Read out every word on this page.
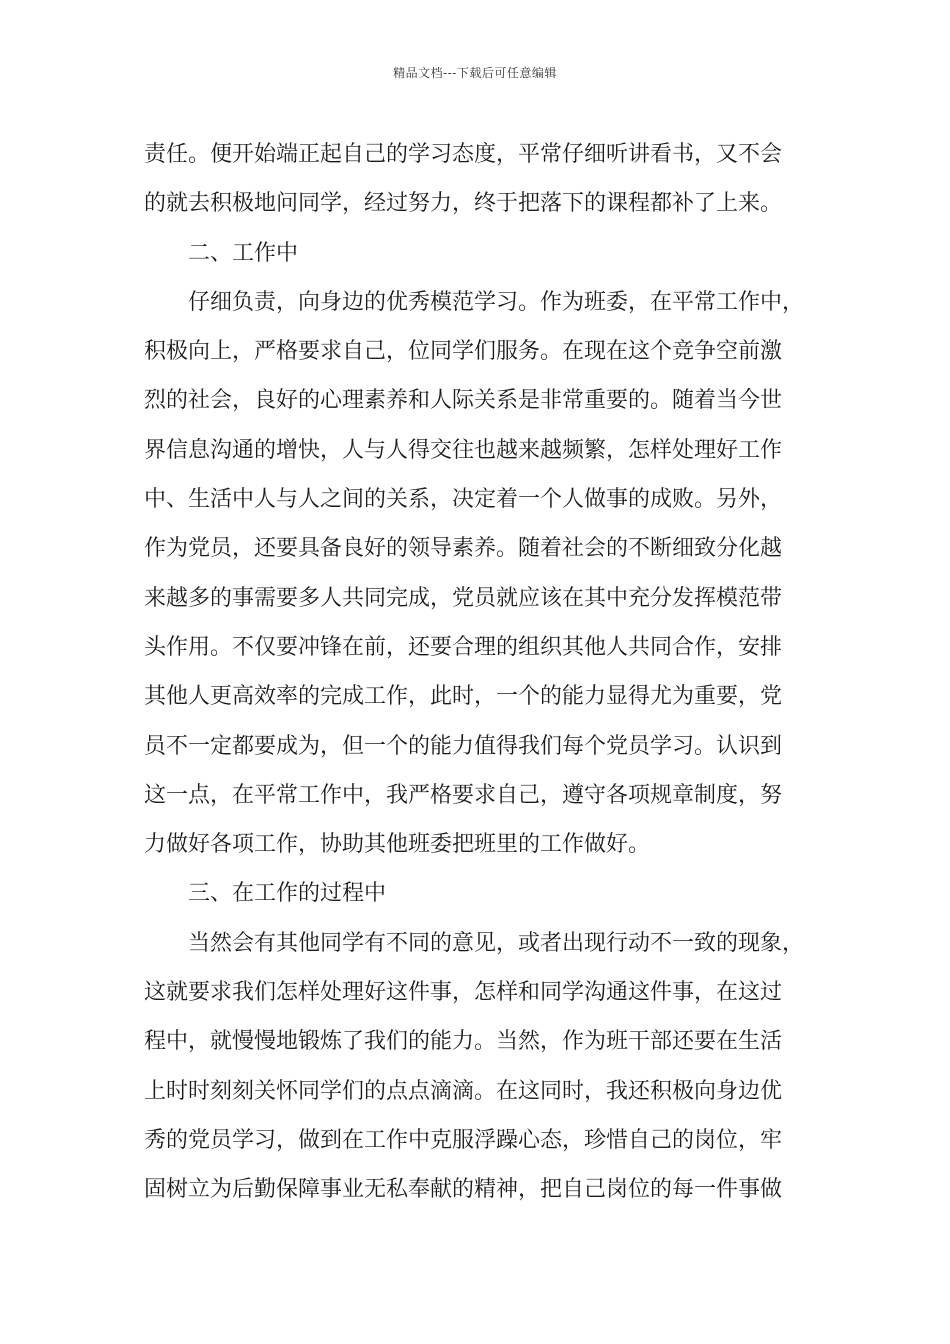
精品文档---下载后可任意编辑
责任。便开始端正起自己的学习态度，平常仔细听讲看书，又不会
的就去积极地问同学，经过努力，终于把落下的课程都补了上来。
二、工作中
仔细负责，向身边的优秀模范学习。作为班委，在平常工作中，
积极向上，严格要求自己，位同学们服务。在现在这个竞争空前激
烈的社会，良好的心理素养和人际关系是非常重要的。随着当今世
界信息沟通的增快，人与人得交往也越来越频繁，怎样处理好工作
中、生活中人与人之间的关系，决定着一个人做事的成败。另外，
作为党员，还要具备良好的领导素养。随着社会的不断细致分化越
来越多的事需要多人共同完成，党员就应该在其中充分发挥模范带
头作用。不仅要冲锋在前，还要合理的组织其他人共同合作，安排
其他人更高效率的完成工作，此时，一个的能力显得尤为重要，党
员不一定都要成为，但一个的能力值得我们每个党员学习。认识到
这一点，在平常工作中，我严格要求自己，遵守各项规章制度，努
力做好各项工作，协助其他班委把班里的工作做好。
三、在工作的过程中
当然会有其他同学有不同的意见，或者出现行动不一致的现象，
这就要求我们怎样处理好这件事，怎样和同学沟通这件事，在这过
程中，就慢慢地锻炼了我们的能力。当然，作为班干部还要在生活
上时时刻刻关怀同学们的点点滴滴。在这同时，我还积极向身边优
秀的党员学习，做到在工作中克服浮躁心态，珍惜自己的岗位，牢
固树立为后勤保障事业无私奉献的精神，把自己岗位的每一件事做
